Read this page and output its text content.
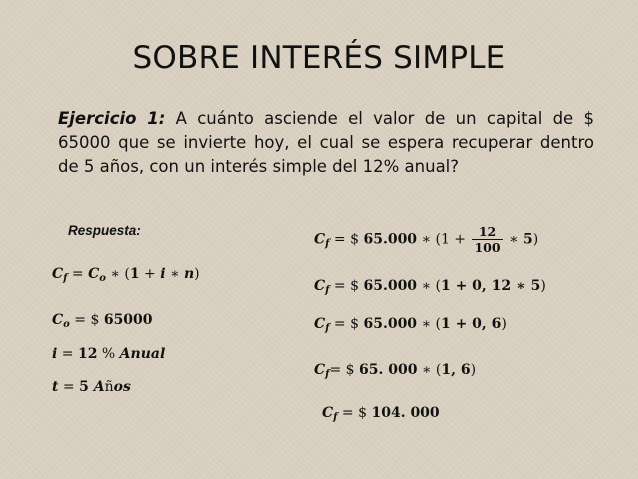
SOBRE INTERÉS SIMPLE
Ejercicio 1: A cuánto asciende el valor de un capital de $ 65000 que se invierte hoy, el cual se espera recuperar dentro de 5 años, con un interés simple del 12% anual?
Respuesta:
$C_f = C_o$ ∗ (1 + i ∗ n)
$C_o$ = $ 65000
i = 12 % Anual
t = 5 Años
$C_f$ = $ 65.000 ∗ ($1 + \frac{12}{100}$ ∗ 5)
$C_f$ = $ 65.000 ∗ (1 + 0, 12 ∗ 5)
$C_f$ = $ 65.000 ∗ (1 + 0, 6)
$C_f=$ $ 65. 000 ∗ (1, 6)
$C_f$ = $ 104. 000
